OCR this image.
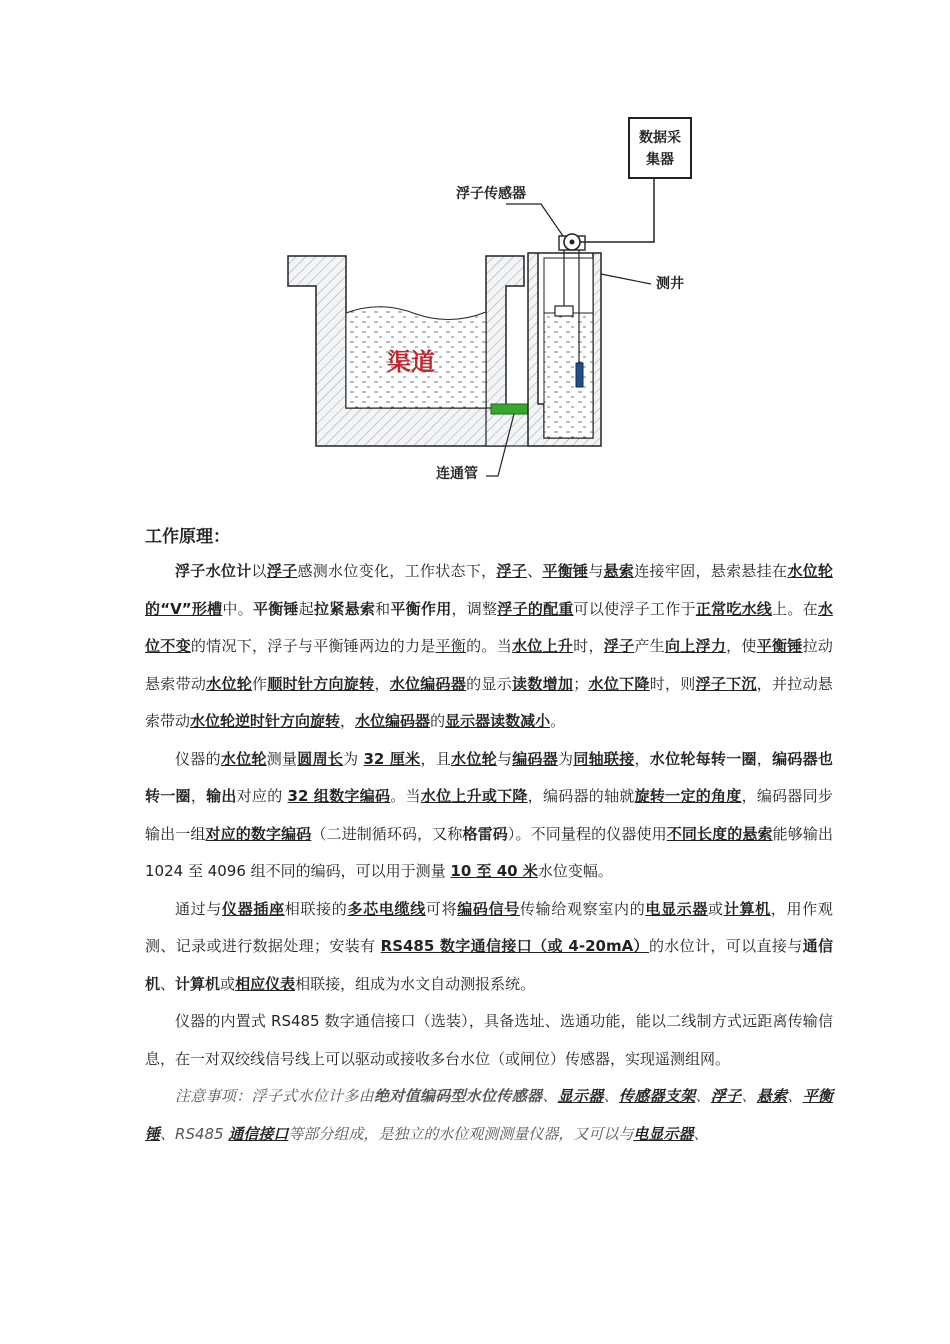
数据采
集器
浮子传感器
测井
渠道
连通管
工作原理：

浮子水位计以浮子感测水位变化，工作状态下，浮子、平衡锤与悬索连接牢固，悬索悬挂在水位轮的“V”形槽中。平衡锤起拉紧悬索和平衡作用，调整浮子的配重可以使浮子工作于正常吃水线上。在水位不变的情况下，浮子与平衡锤两边的力是平衡的。当水位上升时，浮子产生向上浮力，使平衡锤拉动悬索带动水位轮作顺时针方向旋转，水位编码器的显示读数增加；水位下降时，则浮子下沉，并拉动悬索带动水位轮逆时针方向旋转，水位编码器的显示器读数减小。

仪器的水位轮测量圆周长为 32 厘米，且水位轮与编码器为同轴联接，水位轮每转一圈，编码器也转一圈，输出对应的 32 组数字编码。当水位上升或下降，编码器的轴就旋转一定的角度，编码器同步输出一组对应的数字编码（二进制循环码，又称格雷码）。不同量程的仪器使用不同长度的悬索能够输出 1024 至 4096 组不同的编码，可以用于测量 10 至 40 米水位变幅。

通过与仪器插座相联接的多芯电缆线可将编码信号传输给观察室内的电显示器或计算机，用作观测、记录或进行数据处理；安装有 RS485 数字通信接口（或 4-20mA）的水位计，可以直接与通信机、计算机或相应仪表相联接，组成为水文自动测报系统。

仪器的内置式 RS485 数字通信接口（选装），具备选址、选通功能，能以二线制方式远距离传输信息，在一对双绞线信号线上可以驱动或接收多台水位（或闸位）传感器，实现遥测组网。

注意事项：浮子式水位计多由绝对值编码型水位传感器、显示器、传感器支架、浮子、悬索、平衡锤、RS485 通信接口等部分组成，是独立的水位观测测量仪器，又可以与电显示器、
